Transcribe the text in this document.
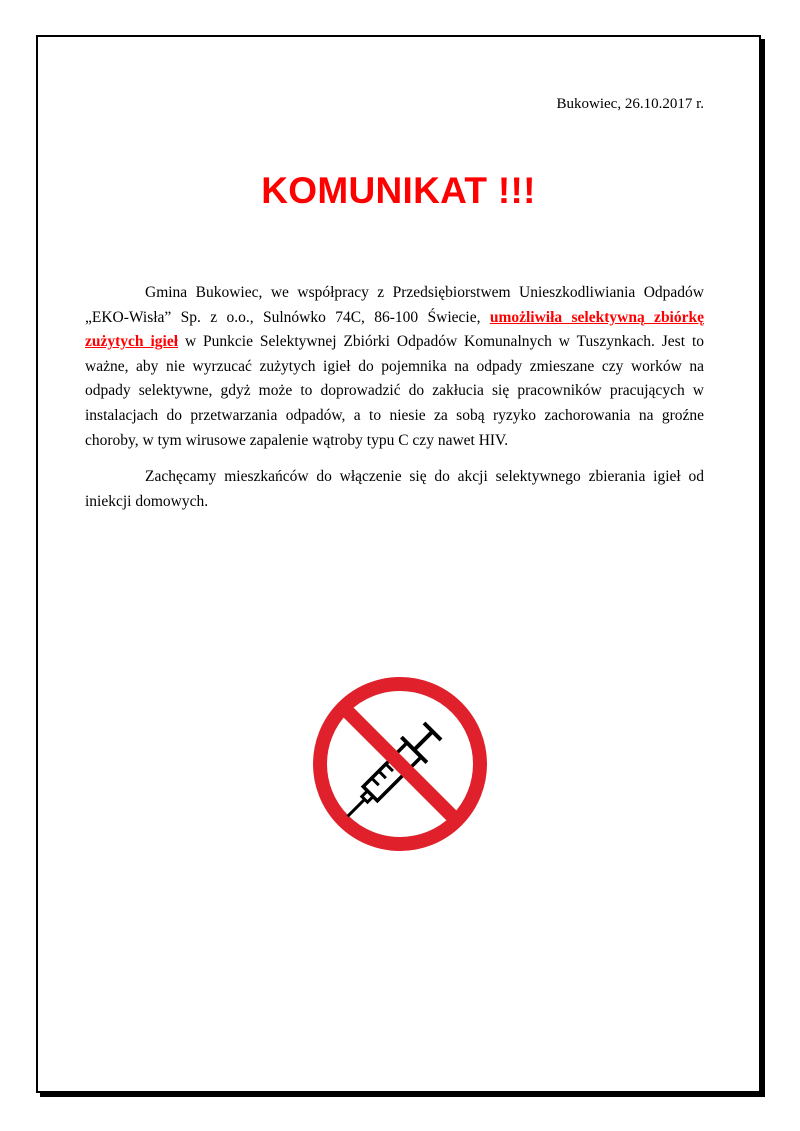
Bukowiec, 26.10.2017 r.
KOMUNIKAT !!!

Gmina Bukowiec, we współpracy z Przedsiębiorstwem Unieszkodliwiania Odpadów „EKO-Wisła” Sp. z o.o., Sulnówko 74C, 86-100 Świecie, umożliwiła selektywną zbiórkę zużytych igieł w Punkcie Selektywnej Zbiórki Odpadów Komunalnych w Tuszynkach. Jest to ważne, aby nie wyrzucać zużytych igieł do pojemnika na odpady zmieszane czy worków na odpady selektywne, gdyż może to doprowadzić do zakłucia się pracowników pracujących w instalacjach do przetwarzania odpadów, a to niesie za sobą ryzyko zachorowania na groźne choroby, w tym wirusowe zapalenie wątroby typu C czy nawet HIV.

Zachęcamy mieszkańców do włączenie się do akcji selektywnego zbierania igieł od iniekcji domowych.
